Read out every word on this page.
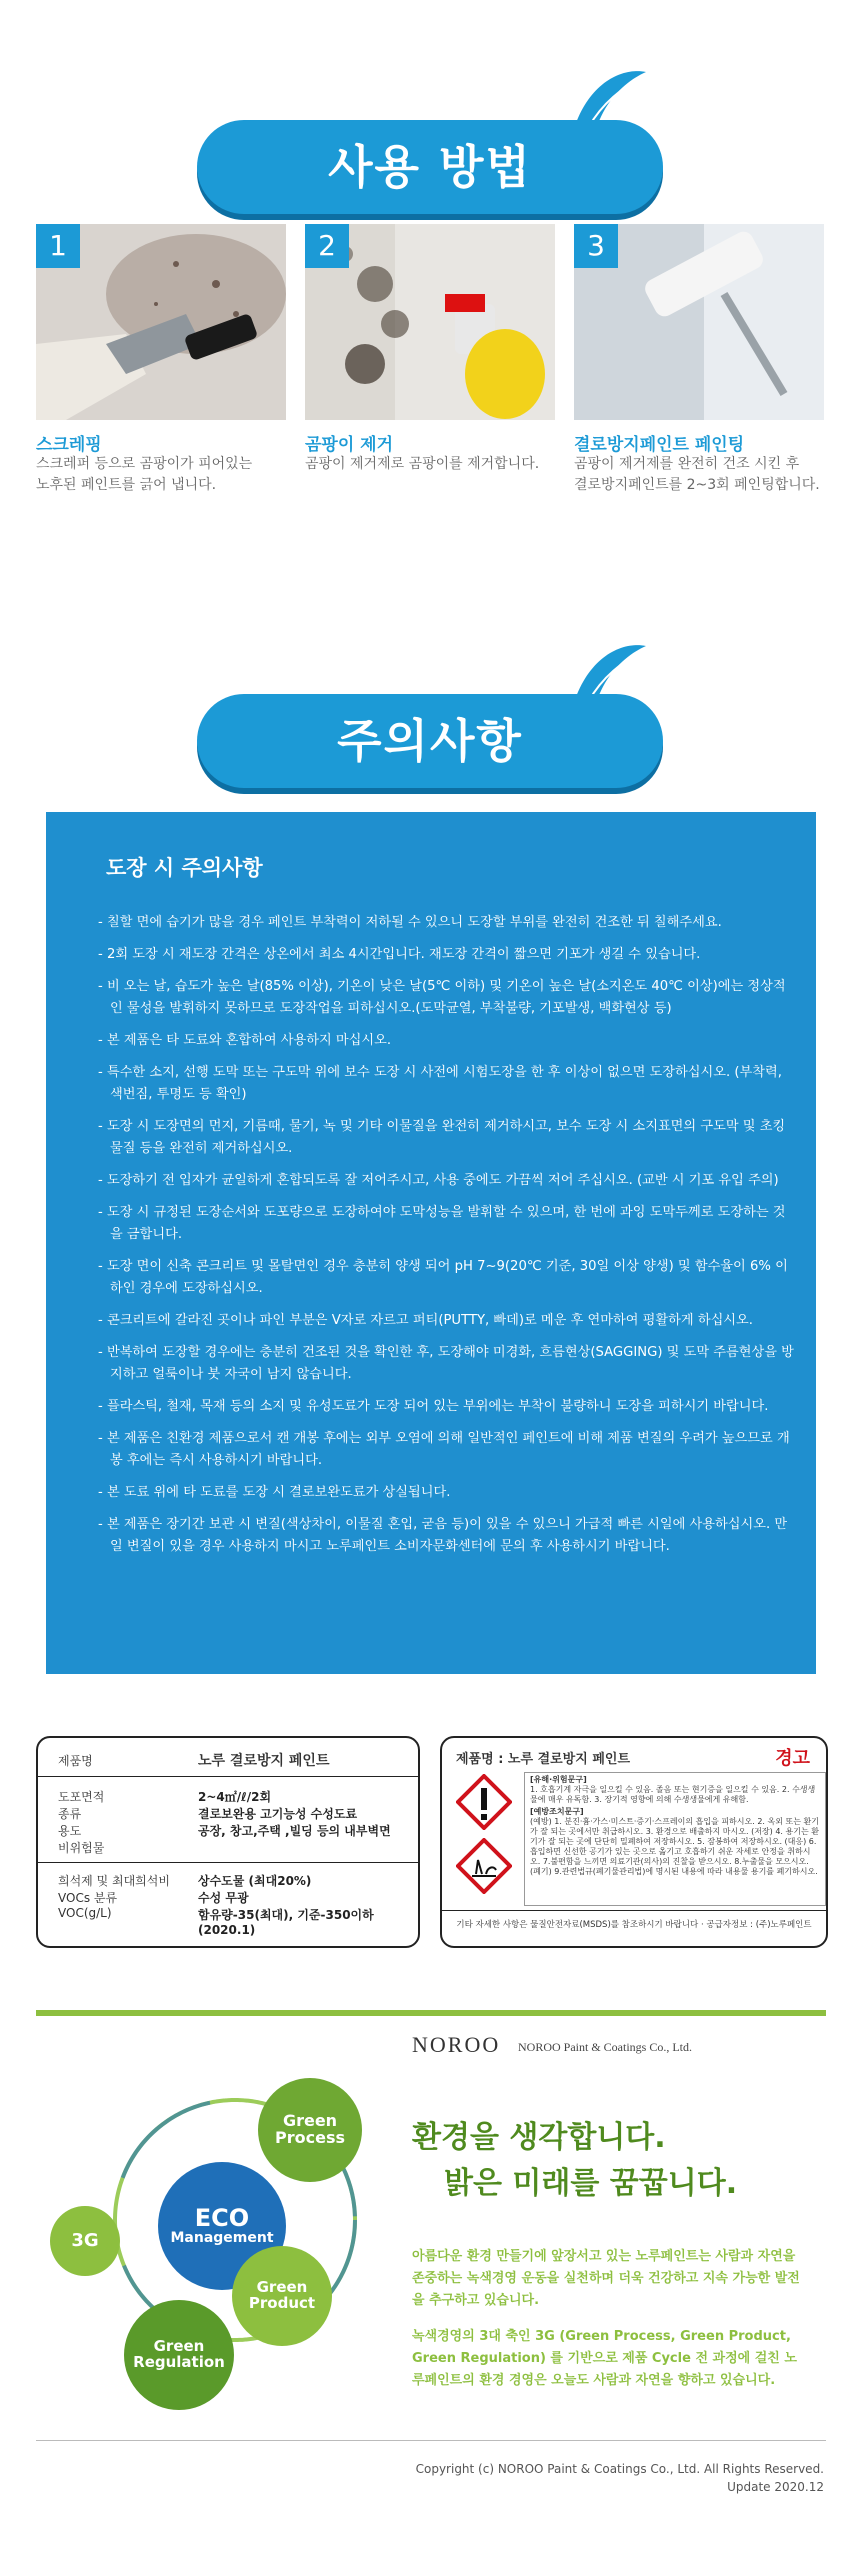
사용 방법
1	2	3
스크레핑
스크레퍼 등으로 곰팡이가 피어있는
노후된 페인트를 긁어 냅니다.
곰팡이 제거
곰팡이 제거제로 곰팡이를 제거합니다.

결로방지페인트 페인팅
곰팡이 제거제를 완전히 건조 시킨 후
결로방지페인트를 2~3회 페인팅합니다.
주의사항
도장 시 주의사항
- 칠할 면에 습기가 많을 경우 페인트 부착력이 저하될 수 있으니 도장할 부위를 완전히 건조한 뒤 칠해주세요.
- 2회 도장 시 재도장 간격은 상온에서 최소 4시간입니다. 재도장 간격이 짧으면 기포가 생길 수 있습니다.
- 비 오는 날, 습도가 높은 날(85% 이상), 기온이 낮은 날(5℃ 이하) 및 기온이 높은 날(소지온도 40℃ 이상)에는 정상적인 물성을 발휘하지 못하므로 도장작업을 피하십시오.(도막균열, 부착불량, 기포발생, 백화현상 등)
- 본 제품은 타 도료와 혼합하여 사용하지 마십시오.
- 특수한 소지, 선행 도막 또는 구도막 위에 보수 도장 시 사전에 시험도장을 한 후 이상이 없으면 도장하십시오. (부착력, 색번짐, 투명도 등 확인)
- 도장 시 도장면의 먼지, 기름때, 물기, 녹 및 기타 이물질을 완전히 제거하시고, 보수 도장 시 소지표면의 구도막 및 초킹 물질 등을 완전히 제거하십시오.
- 도장하기 전 입자가 균일하게 혼합되도록 잘 저어주시고, 사용 중에도 가끔씩 저어 주십시오. (교반 시 기포 유입 주의)
- 도장 시 규정된 도장순서와 도포량으로 도장하여야 도막성능을 발휘할 수 있으며, 한 번에 과잉 도막두께로 도장하는 것을 금합니다.
- 도장 면이 신축 콘크리트 및 몰탈면인 경우 충분히 양생 되어 pH 7~9(20℃ 기준, 30일 이상 양생) 및 함수율이 6% 이하인 경우에 도장하십시오.
- 콘크리트에 갈라진 곳이나 파인 부분은 V자로 자르고 퍼티(PUTTY, 빠데)로 메운 후 연마하여 평활하게 하십시오.
- 반복하여 도장할 경우에는 충분히 건조된 것을 확인한 후, 도장해야 미경화, 흐름현상(SAGGING) 및 도막 주름현상을 방지하고 얼룩이나 붓 자국이 남지 않습니다.
- 플라스틱, 철재, 목재 등의 소지 및 유성도료가 도장 되어 있는 부위에는 부착이 불량하니 도장을 피하시기 바랍니다.
- 본 제품은 친환경 제품으로서 캔 개봉 후에는 외부 오염에 의해 일반적인 페인트에 비해 제품 변질의 우려가 높으므로 개봉 후에는 즉시 사용하시기 바랍니다.
- 본 도료 위에 타 도료를 도장 시 결로보완도료가 상실됩니다.
- 본 제품은 장기간 보관 시 변질(색상차이, 이물질 혼입, 굳음 등)이 있을 수 있으니 가급적 빠른 시일에 사용하십시오. 만일 변질이 있을 경우 사용하지 마시고 노루페인트 소비자문화센터에 문의 후 사용하시기 바랍니다.
제품명	노루 결로방지 페인트
도포면적	2~4㎡/ℓ/2회
종류	결로보완용 고기능성 수성도료
용도	공장, 창고,주택 ,빌딩 등의 내부벽면
비위험물
희석제 및 최대희석비	상수도물 (최대20%)
VOCs 분류	수성 무광
VOC(g/L)	함유량-35(최대), 기준-350이하(2020.1)
제품명 : 노루 결로방지 페인트	경고
[유해·위험문구]
1. 호흡기계 자극을 일으킬 수 있음. 졸음 또는 현기증을 일으킬 수 있음. 2. 수생생물에 매우 유독함. 3. 장기적 영향에 의해 수생생물에게 유해함.
[예방조치문구]
(예방) 1. 분진·흄·가스·미스트·증기·스프레이의 흡입을 피하시오. 2. 옥외 또는 환기가 잘 되는 곳에서만 취급하시오. 3. 환경으로 배출하지 마시오. (저장) 4. 용기는 환기가 잘 되는 곳에 단단히 밀폐하여 저장하시오. 5. 잠봉하여 저장하시오. (대응) 6. 흡입하면 신선한 공기가 있는 곳으로 옮기고 호흡하기 쉬운 자세로 안정을 취하시오. 7.불편함을 느끼면 의료기관(의사)의 진찰을 받으시오. 8.누출물을 모으시오. (폐기) 9.관련법규(폐기물관리법)에 명시된 내용에 따라 내용물 용기를 폐기하시오.
기타 자세한 사항은 물질안전자료(MSDS)를 참조하시기 바랍니다 · 공급자정보 : (주)노루페인트
NOROO NOROO Paint & Coatings Co., Ltd.
Green
Process
ECO
Management
3G
Green
Product
Green
Regulation
환경을 생각합니다.
밝은 미래를 꿈꿉니다.
아름다운 환경 만들기에 앞장서고 있는 노루페인트는 사람과 자연을 존중하는 녹색경영 운동을 실천하며 더욱 건강하고 지속 가능한 발전을 추구하고 있습니다.
녹색경영의 3대 축인 3G (Green Process, Green Product, Green Regulation) 를 기반으로 제품 Cycle 전 과정에 걸친 노루페인트의 환경 경영은 오늘도 사람과 자연을 향하고 있습니다.
Copyright (c) NOROO Paint & Coatings Co., Ltd. All Rights Reserved.
Update 2020.12
